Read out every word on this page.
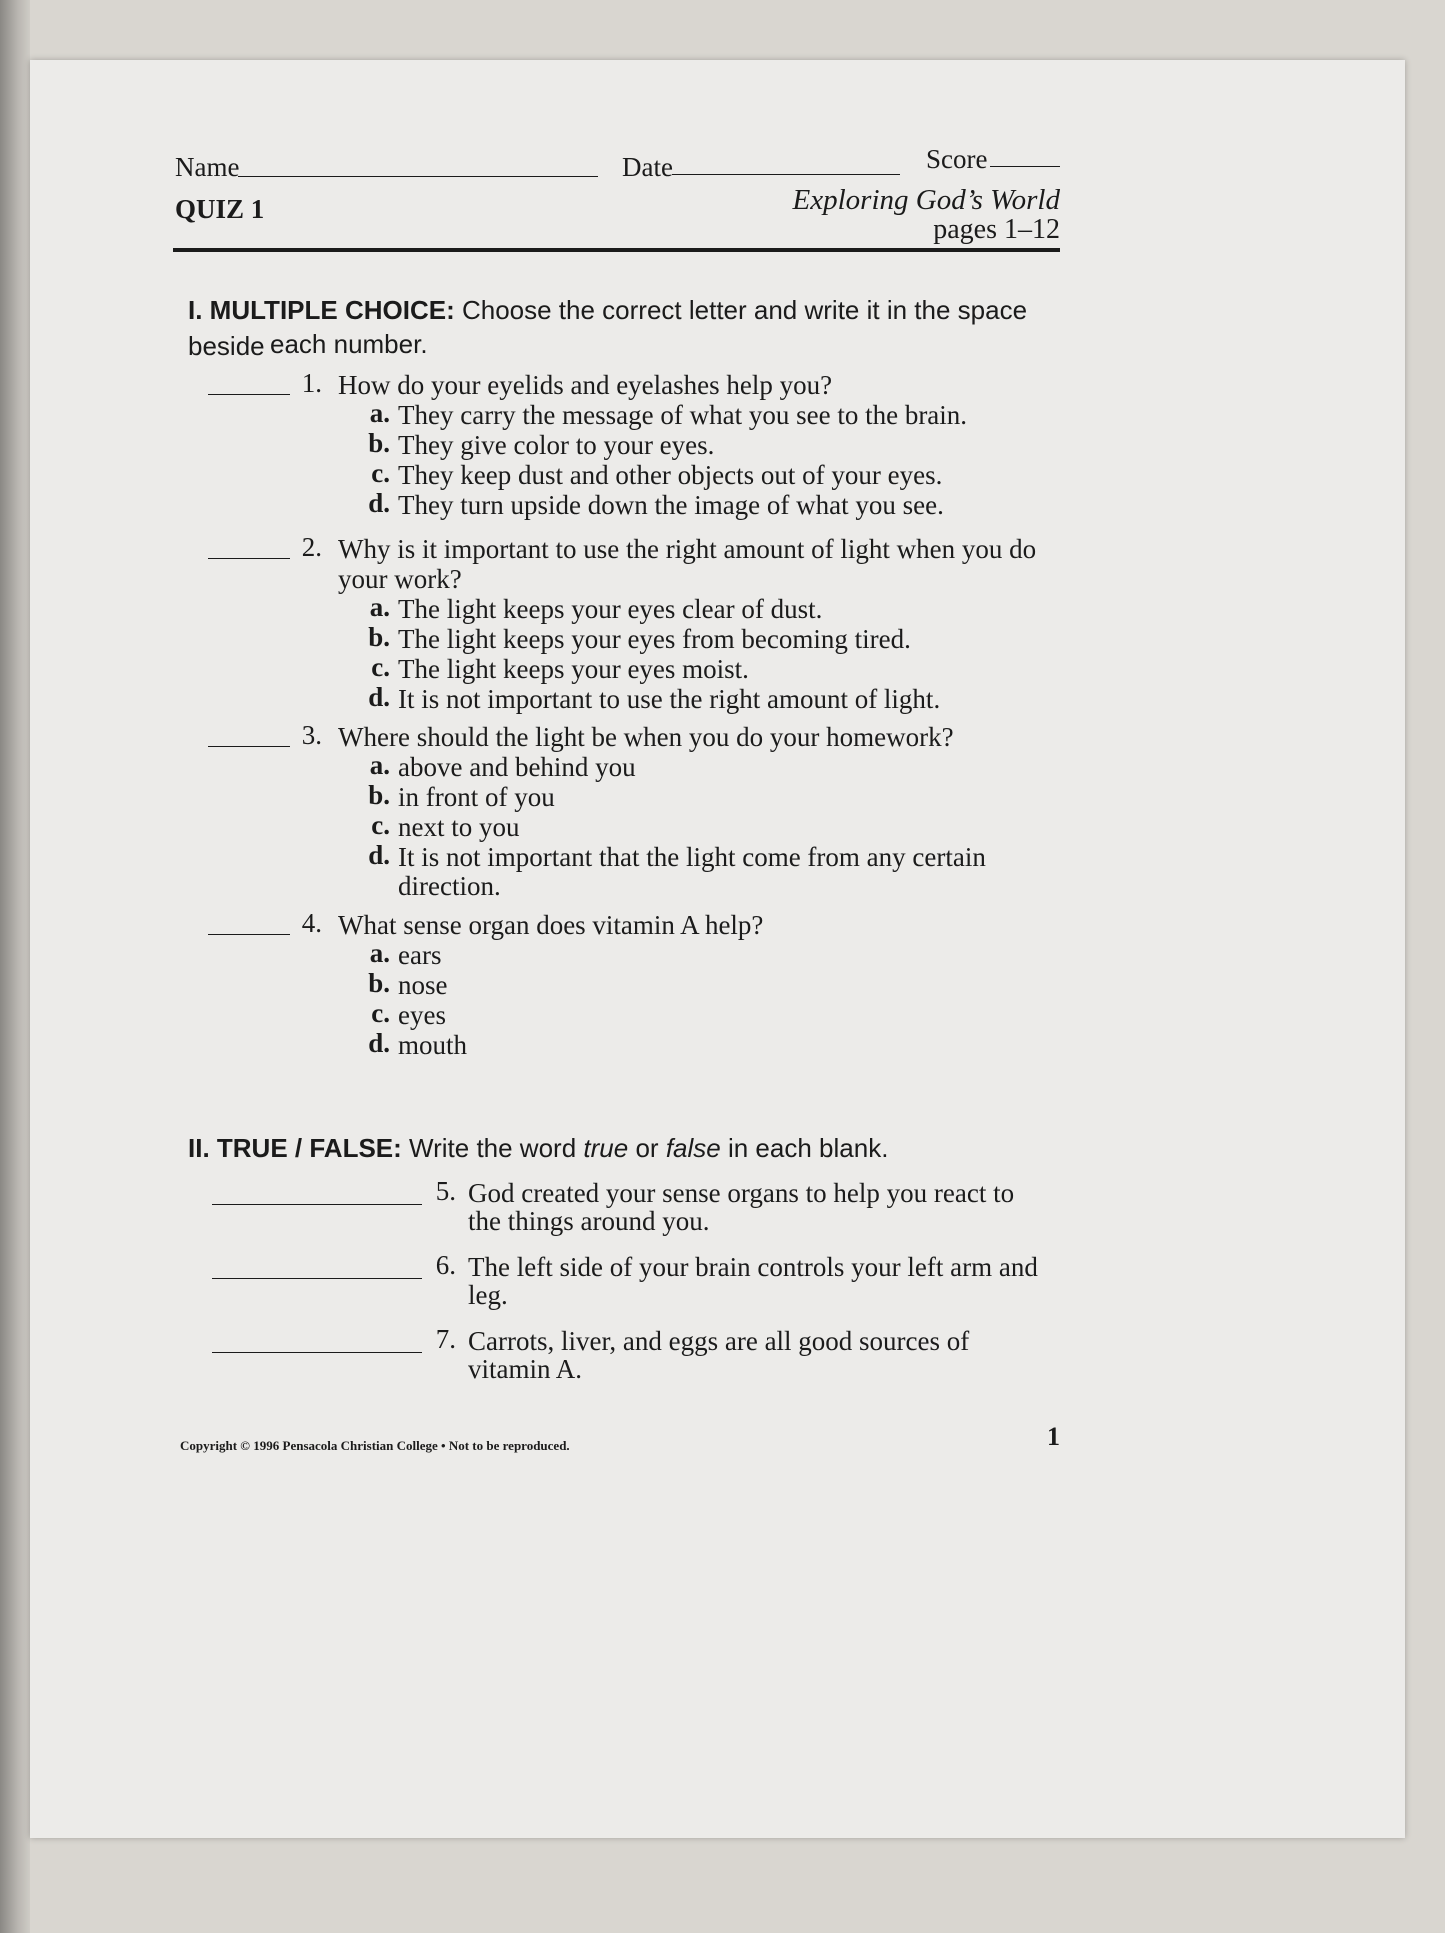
Name	Date	Score
QUIZ 1	Exploring God’s World
pages 1–12
I. MULTIPLE CHOICE: Choose the correct letter and write it in the space beside each number.
1. How do your eyelids and eyelashes help you?
a. They carry the message of what you see to the brain.
b. They give color to your eyes.
c. They keep dust and other objects out of your eyes.
d. They turn upside down the image of what you see.
2. Why is it important to use the right amount of light when you do
your work?
a. The light keeps your eyes clear of dust.
b. The light keeps your eyes from becoming tired.
c. The light keeps your eyes moist.
d. It is not important to use the right amount of light.
3. Where should the light be when you do your homework?
a. above and behind you
b. in front of you
c. next to you
d. It is not important that the light come from any certain
direction.
4. What sense organ does vitamin A help?
a. ears
b. nose
c. eyes
d. mouth
II. TRUE / FALSE: Write the word true or false in each blank.
5. God created your sense organs to help you react to
the things around you.
6. The left side of your brain controls your left arm and
leg.
7. Carrots, liver, and eggs are all good sources of
vitamin A.
Copyright © 1996 Pensacola Christian College • Not to be reproduced.	1
